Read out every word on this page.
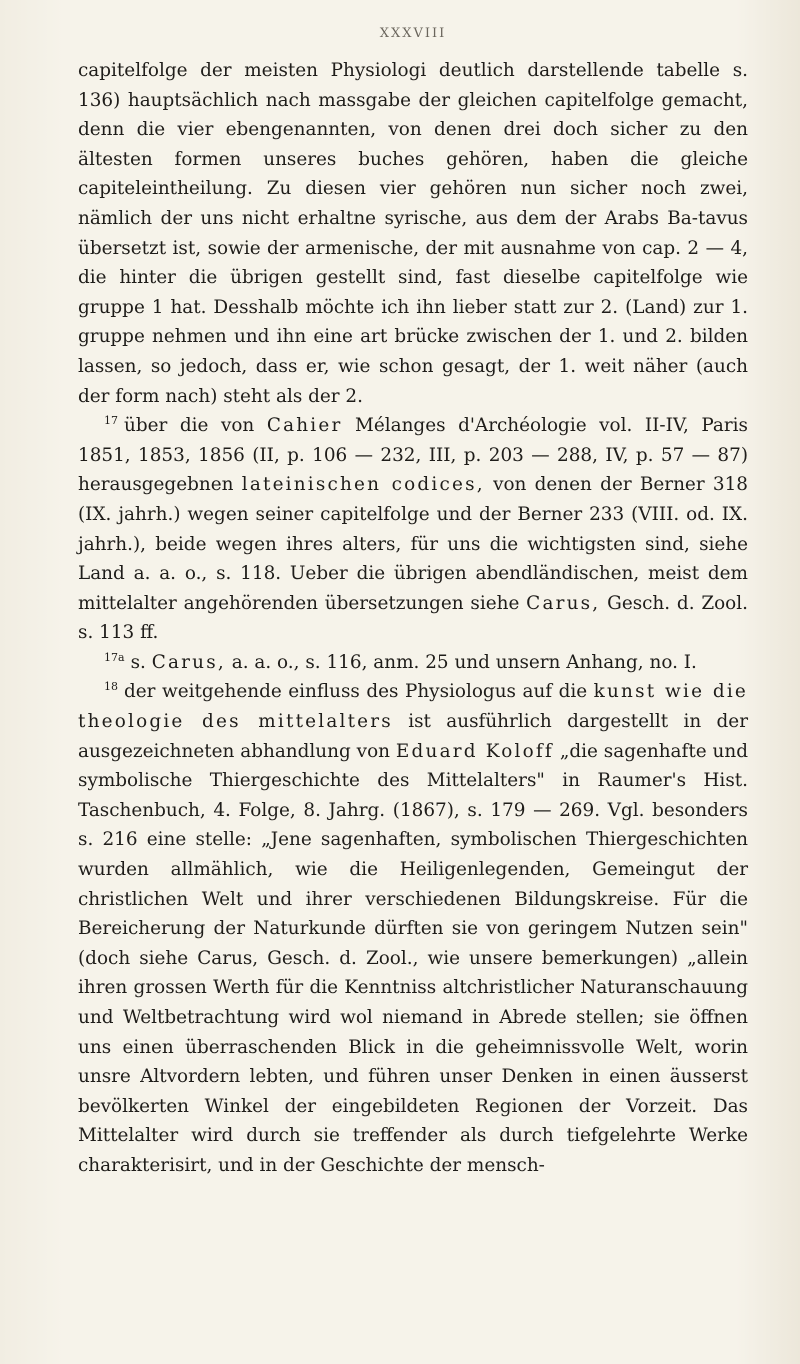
XXXVIII

capitelfolge der meisten Physiologi deutlich darstellende tabelle s. 136) hauptsächlich nach massgabe der gleichen capitelfolge gemacht, denn die vier ebengenannten, von denen drei doch sicher zu den ältesten formen unseres buches gehören, haben die gleiche capiteleintheilung. Zu diesen vier gehören nun sicher noch zwei, nämlich der uns nicht erhaltne syrische, aus dem der Arabs Ba-tavus übersetzt ist, sowie der armenische, der mit ausnahme von cap. 2 — 4, die hinter die übrigen gestellt sind, fast dieselbe capitelfolge wie gruppe 1 hat. Desshalb möchte ich ihn lieber statt zur 2. (Land) zur 1. gruppe nehmen und ihn eine art brücke zwischen der 1. und 2. bilden lassen, so jedoch, dass er, wie schon gesagt, der 1. weit näher (auch der form nach) steht als der 2.

$^{17}$ über die von Cahier Mélanges d'Archéologie vol. II-IV, Paris 1851, 1853, 1856 (II, p. 106 — 232, III, p. 203 — 288, IV, p. 57 — 87) herausgegebnen lateinischen codices, von denen der Berner 318 (IX. jahrh.) wegen seiner capitelfolge und der Berner 233 (VIII. od. IX. jahrh.), beide wegen ihres alters, für uns die wichtigsten sind, siehe Land a. a. o., s. 118. Ueber die übrigen abendländischen, meist dem mittelalter angehörenden übersetzungen siehe Carus, Gesch. d. Zool. s. 113 ff.

$^{17a}$ s. Carus, a. a. o., s. 116, anm. 25 und unsern Anhang, no. I.

$^{18}$ der weitgehende einfluss des Physiologus auf die kunst wie die theologie des mittelalters ist ausführlich dargestellt in der ausgezeichneten abhandlung von Eduard Koloff „die sagenhafte und symbolische Thiergeschichte des Mittelalters" in Raumer's Hist. Taschenbuch, 4. Folge, 8. Jahrg. (1867), s. 179 — 269. Vgl. besonders s. 216 eine stelle: „Jene sagenhaften, symbolischen Thiergeschichten wurden allmählich, wie die Heiligenlegenden, Gemeingut der christlichen Welt und ihrer verschiedenen Bildungskreise. Für die Bereicherung der Naturkunde dürften sie von geringem Nutzen sein" (doch siehe Carus, Gesch. d. Zool., wie unsere bemerkungen) „allein ihren grossen Werth für die Kenntniss altchristlicher Naturanschauung und Weltbetrachtung wird wol niemand in Abrede stellen; sie öffnen uns einen überraschenden Blick in die geheimnissvolle Welt, worin unsre Altvordern lebten, und führen unser Denken in einen äusserst bevölkerten Winkel der eingebildeten Regionen der Vorzeit. Das Mittelalter wird durch sie treffender als durch tiefgelehrte Werke charakterisirt, und in der Geschichte der mensch-
